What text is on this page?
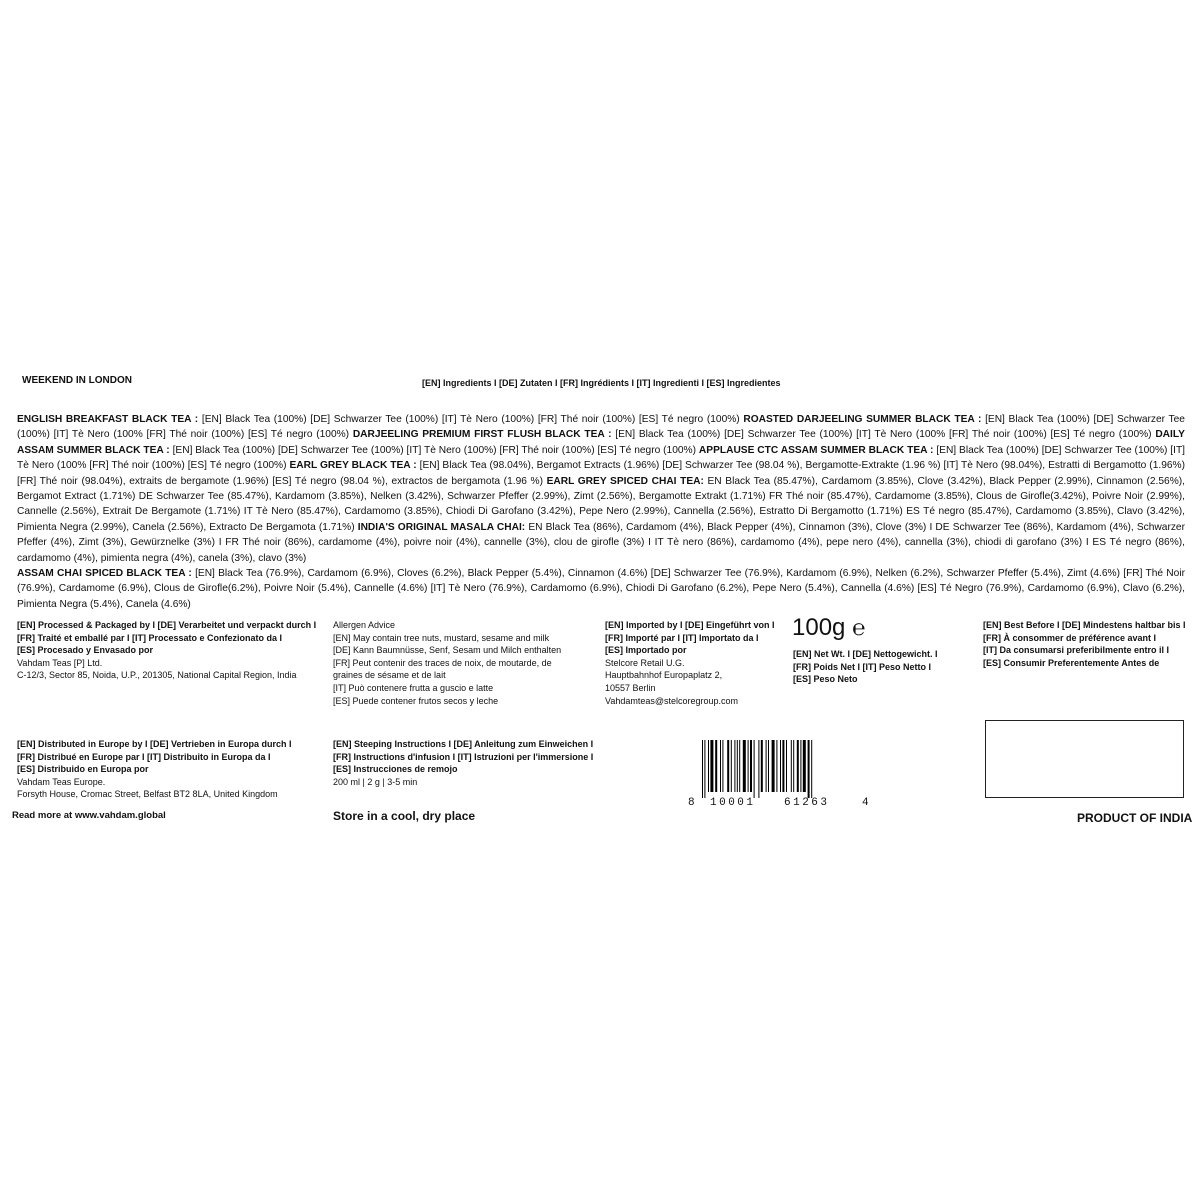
WEEKEND IN LONDON	[EN] Ingredients I [DE] Zutaten I [FR] Ingrédients I [IT] Ingredienti I [ES] Ingredientes
ENGLISH BREAKFAST BLACK TEA : [EN] Black Tea (100%) [DE] Schwarzer Tee (100%) [IT] Tè Nero (100%) [FR] Thé noir (100%) [ES] Té negro (100%) ROASTED DARJEELING SUMMER BLACK TEA : [EN] Black Tea (100%) [DE] Schwarzer Tee (100%) [IT] Tè Nero (100% [FR] Thé noir (100%) [ES] Té negro (100%) DARJEELING PREMIUM FIRST FLUSH BLACK TEA : [EN] Black Tea (100%) [DE] Schwarzer Tee (100%) [IT] Tè Nero (100% [FR] Thé noir (100%) [ES] Té negro (100%) DAILY ASSAM SUMMER BLACK TEA : [EN] Black Tea (100%) [DE] Schwarzer Tee (100%) [IT] Tè Nero (100%) [FR] Thé noir (100%) [ES] Té negro (100%) APPLAUSE CTC ASSAM SUMMER BLACK TEA : [EN] Black Tea (100%) [DE] Schwarzer Tee (100%) [IT] Tè Nero (100% [FR] Thé noir (100%) [ES] Té negro (100%) EARL GREY BLACK TEA : [EN] Black Tea (98.04%), Bergamot Extracts (1.96%) [DE] Schwarzer Tee (98.04 %), Bergamotte-Extrakte (1.96 %) [IT] Tè Nero (98.04%), Estratti di Bergamotto (1.96%) [FR] Thé noir (98.04%), extraits de bergamote (1.96%) [ES] Té negro (98.04 %), extractos de bergamota (1.96 %) EARL GREY SPICED CHAI TEA: EN Black Tea (85.47%), Cardamom (3.85%), Clove (3.42%), Black Pepper (2.99%), Cinnamon (2.56%), Bergamot Extract (1.71%) DE Schwarzer Tee (85.47%), Kardamom (3.85%), Nelken (3.42%), Schwarzer Pfeffer (2.99%), Zimt (2.56%), Bergamotte Extrakt (1.71%) FR Thé noir (85.47%), Cardamome (3.85%), Clous de Girofle(3.42%), Poivre Noir (2.99%), Cannelle (2.56%), Extrait De Bergamote (1.71%) IT Tè Nero (85.47%), Cardamomo (3.85%), Chiodi Di Garofano (3.42%), Pepe Nero (2.99%), Cannella (2.56%), Estratto Di Bergamotto (1.71%) ES Té negro (85.47%), Cardamomo (3.85%), Clavo (3.42%), Pimienta Negra (2.99%), Canela (2.56%), Extracto De Bergamota (1.71%) INDIA'S ORIGINAL MASALA CHAI: EN Black Tea (86%), Cardamom (4%), Black Pepper (4%), Cinnamon (3%), Clove (3%) I DE Schwarzer Tee (86%), Kardamom (4%), Schwarzer Pfeffer (4%), Zimt (3%), Gewürznelke (3%) I FR Thé noir (86%), cardamome (4%), poivre noir (4%), cannelle (3%), clou de girofle (3%) I IT Tè nero (86%), cardamomo (4%), pepe nero (4%), cannella (3%), chiodi di garofano (3%) I ES Té negro (86%), cardamomo (4%), pimienta negra (4%), canela (3%), clavo (3%)
ASSAM CHAI SPICED BLACK TEA : [EN] Black Tea (76.9%), Cardamom (6.9%), Cloves (6.2%), Black Pepper (5.4%), Cinnamon (4.6%) [DE] Schwarzer Tee (76.9%), Kardamom (6.9%), Nelken (6.2%), Schwarzer Pfeffer (5.4%), Zimt (4.6%) [FR] Thé Noir (76.9%), Cardamome (6.9%), Clous de Girofle(6.2%), Poivre Noir (5.4%), Cannelle (4.6%) [IT] Tè Nero (76.9%), Cardamomo (6.9%), Chiodi Di Garofano (6.2%), Pepe Nero (5.4%), Cannella (4.6%) [ES] Té Negro (76.9%), Cardamomo (6.9%), Clavo (6.2%), Pimienta Negra (5.4%), Canela (4.6%)
[EN] Processed & Packaged by I [DE] Verarbeitet und verpackt durch I
[FR] Traité et emballé par I [IT] Processato e Confezionato da I
[ES] Procesado y Envasado por
Vahdam Teas [P] Ltd.
C-12/3, Sector 85, Noida, U.P., 201305, National Capital Region, India
Allergen Advice
[EN] May contain tree nuts, mustard, sesame and milk
[DE] Kann Baumnüsse, Senf, Sesam und Milch enthalten
[FR] Peut contenir des traces de noix, de moutarde, de
graines de sésame et de lait
[IT] Può contenere frutta a guscio e latte
[ES] Puede contener frutos secos y leche
[EN] Imported by I [DE] Eingeführt von I
[FR] Importé par I [IT] Importato da I
[ES] Importado por
Stelcore Retail U.G.
Hauptbahnhof Europaplatz 2,
10557 Berlin
Vahdamteas@stelcoregroup.com
100g ℮
[EN] Net Wt. I [DE] Nettogewicht. I
[FR] Poids Net I [IT] Peso Netto I
[ES] Peso Neto
[EN] Best Before I [DE] Mindestens haltbar bis I
[FR] À consommer de préférence avant I
[IT] Da consumarsi preferibilmente entro il I
[ES] Consumir Preferentemente Antes de
[EN] Distributed in Europe by I [DE] Vertrieben in Europa durch I
[FR] Distribué en Europe par I [IT] Distribuito in Europa da I
[ES] Distribuido en Europa por
Vahdam Teas Europe.
Forsyth House, Cromac Street, Belfast BT2 8LA, United Kingdom
[EN] Steeping Instructions I [DE] Anleitung zum Einweichen I
[FR] Instructions d'infusion I [IT] Istruzioni per l'immersione I
[ES] Instrucciones de remojo
200 ml | 2 g | 3-5 min
8 10001	61263	4
Read more at www.vahdam.global	Store in a cool, dry place	PRODUCT OF INDIA
